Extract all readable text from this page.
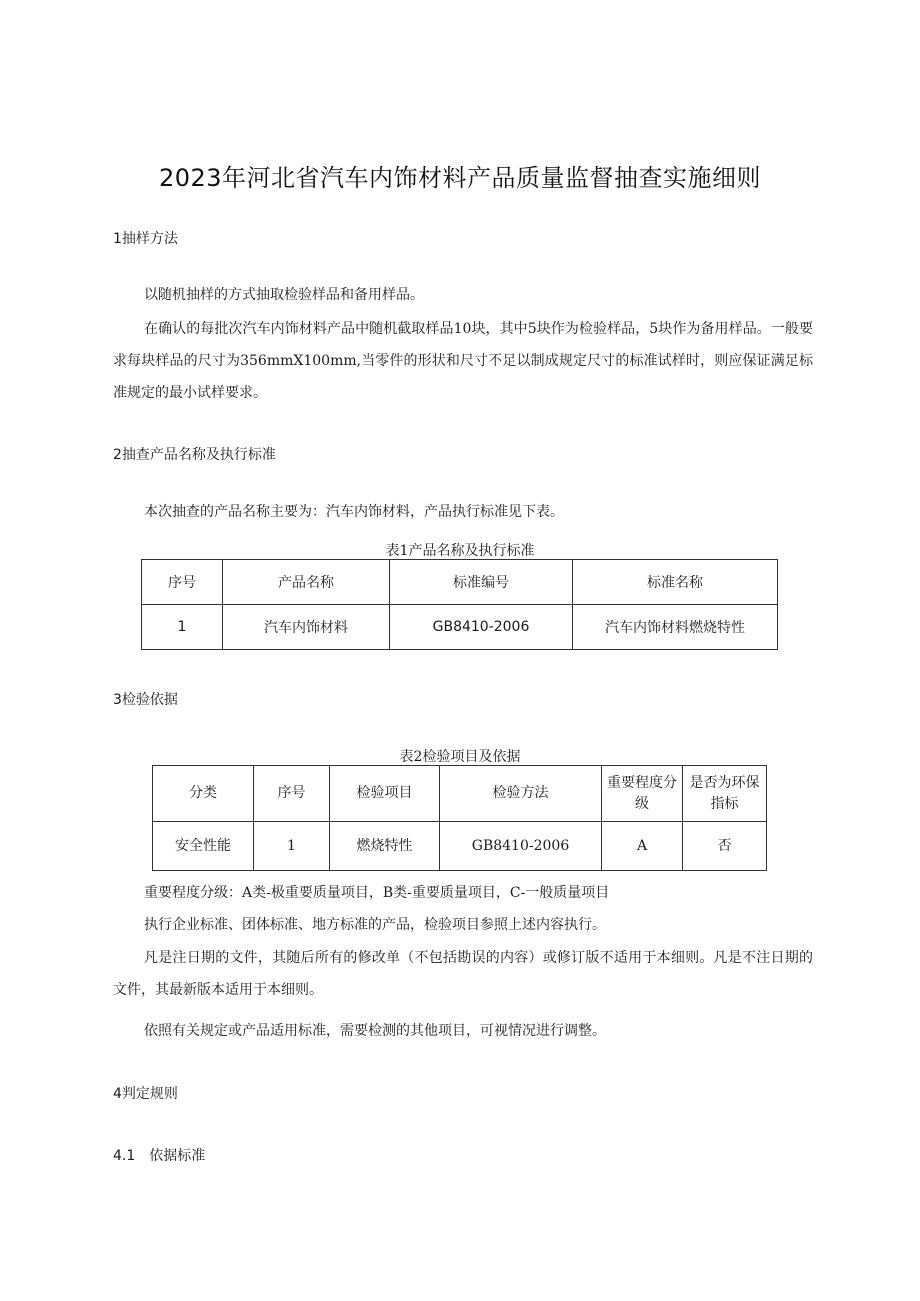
2023年河北省汽车内饰材料产品质量监督抽查实施细则
1抽样方法

以随机抽样的方式抽取检验样品和备用样品。

在确认的每批次汽车内饰材料产品中随机截取样品10块，其中5块作为检验样品，5块作为备用样品。一般要求每块样品的尺寸为356mmX100mm,当零件的形状和尺寸不足以制成规定尺寸的标准试样时，则应保证满足标准规定的最小试样要求。

2抽查产品名称及执行标准

本次抽查的产品名称主要为：汽车内饰材料，产品执行标准见下表。

表1产品名称及执行标准
序号	产品名称	标准编号	标准名称
1	汽车内饰材料	GB8410-2006	汽车内饰材料燃烧特性
3检验依据
表2检验项目及依据
分类	序号	检验项目	检验方法	重要程度分级	是否为环保指标
安全性能	1	燃烧特性	GB8410-2006	A	否

重要程度分级：A类-极重要质量项目，B类-重要质量项目，C-一般质量项目

执行企业标准、团体标准、地方标准的产品，检验项目参照上述内容执行。

凡是注日期的文件，其随后所有的修改单（不包括勘误的内容）或修订版不适用于本细则。凡是不注日期的文件，其最新版本适用于本细则。

依照有关规定或产品适用标准，需要检测的其他项目，可视情况进行调整。

4判定规则
4.1　依据标准
